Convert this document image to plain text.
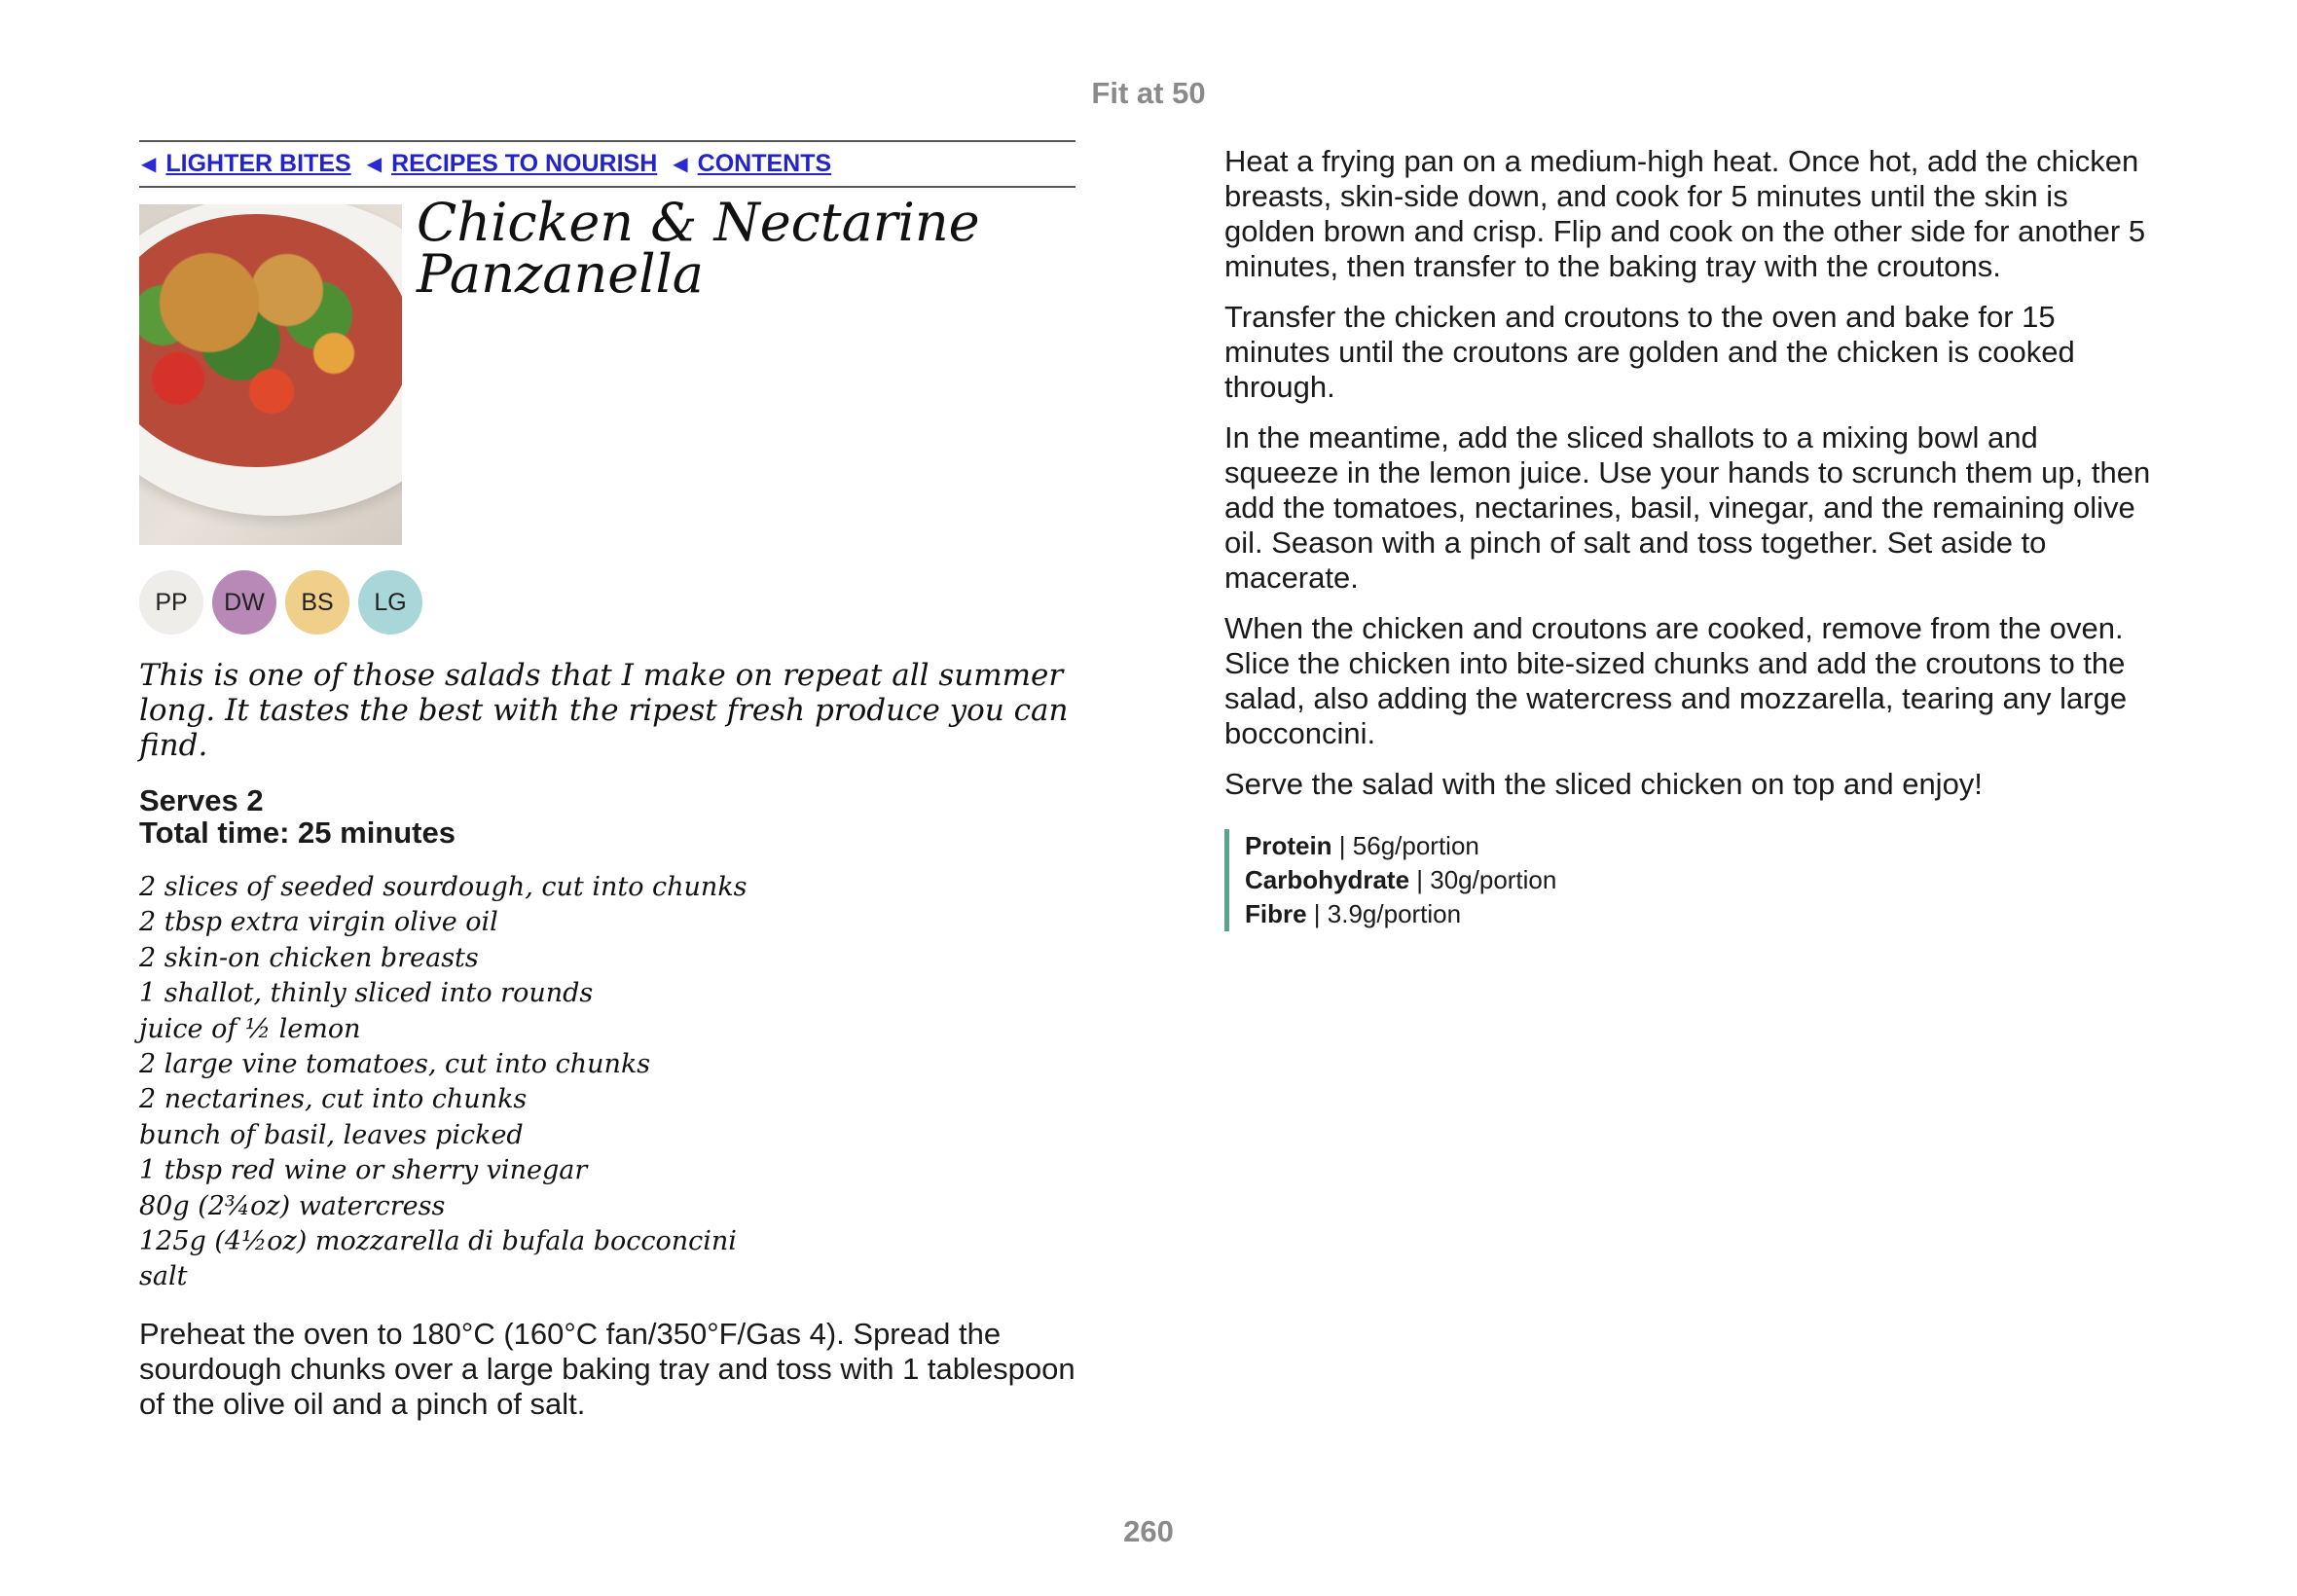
Fit at 50
◀ LIGHTER BITES ◀ RECIPES TO NOURISH ◀ CONTENTS
Chicken & Nectarine Panzanella
PP	DW	BS	LG
This is one of those salads that I make on repeat all summer long. It tastes the best with the ripest fresh produce you can find.
Serves 2
Total time: 25 minutes
2 slices of seeded sourdough, cut into chunks
2 tbsp extra virgin olive oil
2 skin-on chicken breasts
1 shallot, thinly sliced into rounds
juice of ½ lemon
2 large vine tomatoes, cut into chunks
2 nectarines, cut into chunks
bunch of basil, leaves picked
1 tbsp red wine or sherry vinegar
80g (2¾oz) watercress
125g (4½oz) mozzarella di bufala bocconcini
salt

Preheat the oven to 180°C (160°C fan/350°F/Gas 4). Spread the sourdough chunks over a large baking tray and toss with 1 tablespoon of the olive oil and a pinch of salt.

Heat a frying pan on a medium-high heat. Once hot, add the chicken breasts, skin-side down, and cook for 5 minutes until the skin is golden brown and crisp. Flip and cook on the other side for another 5 minutes, then transfer to the baking tray with the croutons.

Transfer the chicken and croutons to the oven and bake for 15 minutes until the croutons are golden and the chicken is cooked through.

In the meantime, add the sliced shallots to a mixing bowl and squeeze in the lemon juice. Use your hands to scrunch them up, then add the tomatoes, nectarines, basil, vinegar, and the remaining olive oil. Season with a pinch of salt and toss together. Set aside to macerate.

When the chicken and croutons are cooked, remove from the oven. Slice the chicken into bite-sized chunks and add the croutons to the salad, also adding the watercress and mozzarella, tearing any large bocconcini.

Serve the salad with the sliced chicken on top and enjoy!

Protein | 56g/portion
Carbohydrate | 30g/portion
Fibre | 3.9g/portion
260
